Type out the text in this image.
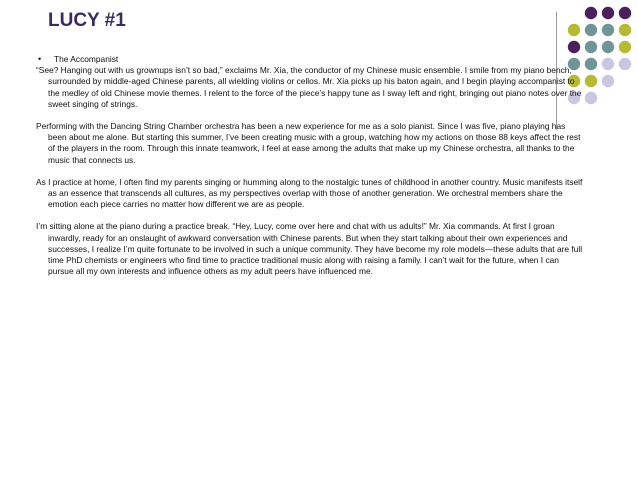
LUCY #1
•	The Accompanist

“See? Hanging out with us grownups isn’t so bad,” exclaims Mr. Xia, the conductor of my Chinese music ensemble. I smile from my piano bench, surrounded by middle-aged Chinese parents, all wielding violins or cellos. Mr. Xia picks up his baton again, and I begin playing accompanist to the medley of old Chinese movie themes. I relent to the force of the piece’s happy tune as I sway left and right, bringing out piano notes over the sweet singing of strings.

Performing with the Dancing String Chamber orchestra has been a new experience for me as a solo pianist. Since I was five, piano playing has been about me alone. But starting this summer, I’ve been creating music with a group, watching how my actions on those 88 keys affect the rest of the players in the room. Through this innate teamwork, I feel at ease among the adults that make up my Chinese orchestra, all thanks to the music that connects us.

As I practice at home, I often find my parents singing or humming along to the nostalgic tunes of childhood in another country. Music manifests itself as an essence that transcends all cultures, as my perspectives overlap with those of another generation. We orchestral members share the emotion each piece carries no matter how different we are as people.

I’m sitting alone at the piano during a practice break. “Hey, Lucy, come over here and chat with us adults!” Mr. Xia commands. At first I groan inwardly, ready for an onslaught of awkward conversation with Chinese parents. But when they start talking about their own experiences and successes, I realize I’m quite fortunate to be involved in such a unique community. They have become my role models—these adults that are full time PhD chemists or engineers who find time to practice traditional music along with raising a family. I can’t wait for the future, when I can pursue all my own interests and influence others as my adult peers have influenced me.
